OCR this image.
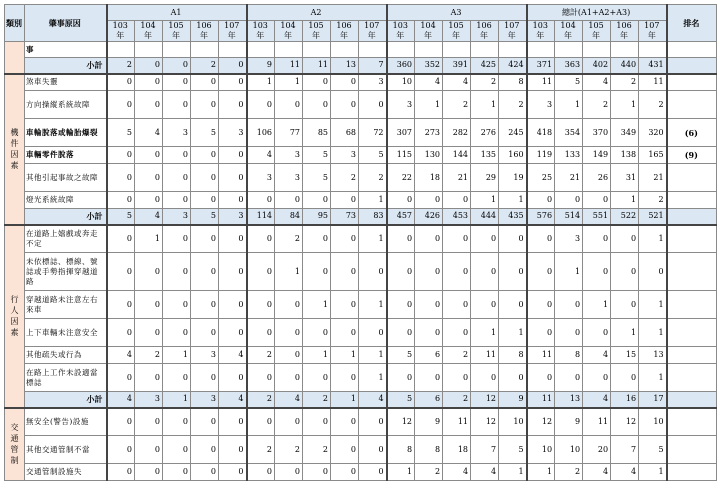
類別	肇事原因	A1					A2					A3					總計(A1+A2+A3)					排名
		103 年	104 年	105 年	106 年	107 年	103 年	104 年	105 年	106 年	107 年	103 年	104 年	105 年	106 年	107 年	103 年	104 年	105 年	106 年	107 年	
	事																					
	小計	2	0	0	2	0	9	11	11	13	7	360	352	391	425	424	371	363	402	440	431	
機件因素	煞車失靈	0	0	0	0	0	1	1	0	0	3	10	4	4	2	8	11	5	4	2	11	
	方向操縱系統故障	0	0	0	0	0	0	0	0	0	0	3	1	2	1	2	3	1	2	1	2	
	車輪脫落或輪胎爆裂	5	4	3	5	3	106	77	85	68	72	307	273	282	276	245	418	354	370	349	320	(6)
	車輛零件脫落	0	0	0	0	0	4	3	5	3	5	115	130	144	135	160	119	133	149	138	165	(9)
	其他引起事故之故障	0	0	0	0	0	3	3	5	2	2	22	18	21	29	19	25	21	26	31	21	
	燈光系統故障	0	0	0	0	0	0	0	0	0	1	0	0	0	1	1	0	0	0	1	2	
	小計	5	4	3	5	3	114	84	95	73	83	457	426	453	444	435	576	514	551	522	521	
行人因素	在道路上嬉戲或奔走不定	0	1	0	0	0	0	2	0	0	1	0	0	0	0	0	0	3	0	0	1	
	未依標誌、標線、號誌或手勢指揮穿越道路	0	0	0	0	0	0	1	0	0	0	0	0	0	0	0	0	1	0	0	0	
	穿越道路未注意左右來車	0	0	0	0	0	0	0	1	0	1	0	0	0	0	0	0	0	1	0	1	
	上下車輛未注意安全	0	0	0	0	0	0	0	0	0	0	0	0	0	1	1	0	0	0	1	1	
	其他疏失或行為	4	2	1	3	4	2	0	1	1	1	5	6	2	11	8	11	8	4	15	13	
	在路上工作未設適當標誌	0	0	0	0	0	0	0	0	0	1	0	0	0	0	0	0	0	0	0	1	
	小計	4	3	1	3	4	2	4	2	1	4	5	6	2	12	9	11	13	4	16	17	
交通管制	無安全(警告)設施	0	0	0	0	0	0	0	0	0	0	12	9	11	12	10	12	9	11	12	10	
	其他交通管制不當	0	0	0	0	0	2	2	2	0	0	8	8	18	7	5	10	10	20	7	5	
	交通管制設施失	0	0	0	0	0	0	0	0	0	0	1	2	4	4	1	1	2	4	4	1	
